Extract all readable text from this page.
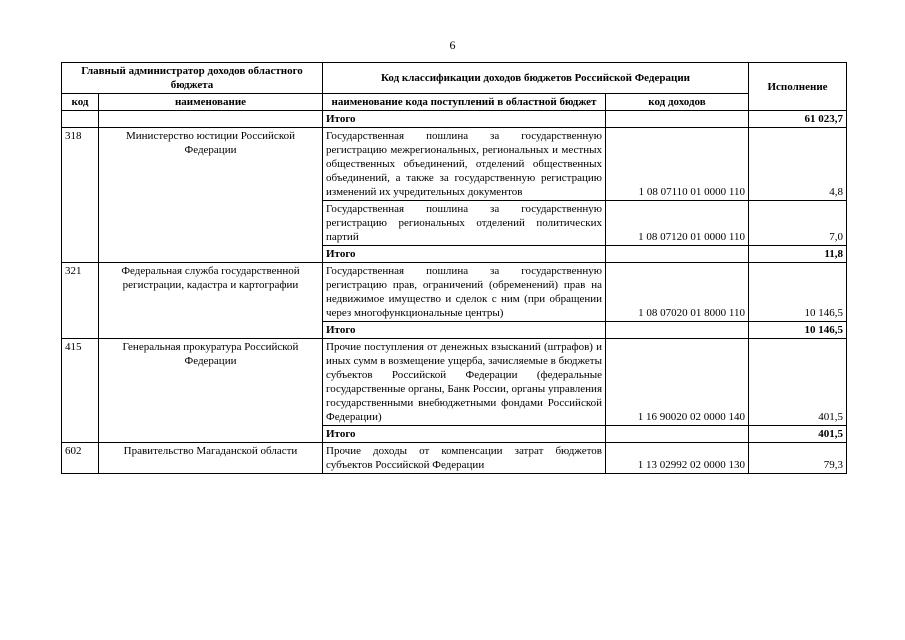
6
Главный администратор доходов областного бюджета		Код классификации доходов бюджетов Российской Федерации		Исполнение
код	наименование	наименование кода поступлений в областной бюджет	код доходов	
		Итого		61 023,7
318	Министерство юстиции Российской Федерации	Государственная пошлина за государственную регистрацию межрегиональных, региональных и местных общественных объединений, отделений общественных объединений, а также за государственную регистрацию изменений их учредительных документов	1 08 07110 01 0000 110	4,8
		Государственная пошлина за государственную регистрацию региональных отделений политических партий	1 08 07120 01 0000 110	7,0
		Итого		11,8
321	Федеральная служба государственной регистрации, кадастра и картографии	Государственная пошлина за государственную регистрацию прав, ограничений (обременений) прав на недвижимое имущество и сделок с ним (при обращении через многофункциональные центры)	1 08 07020 01 8000 110	10 146,5
		Итого		10 146,5
415	Генеральная прокуратура Российской Федерации	Прочие поступления от денежных взысканий (штрафов) и иных сумм в возмещение ущерба, зачисляемые в бюджеты субъектов Российской Федерации (федеральные государственные органы, Банк России, органы управления государственными внебюджетными фондами Российской Федерации)	1 16 90020 02 0000 140	401,5
		Итого		401,5
602	Правительство Магаданской области	Прочие доходы от компенсации затрат бюджетов субъектов Российской Федерации	1 13 02992 02 0000 130	79,3
